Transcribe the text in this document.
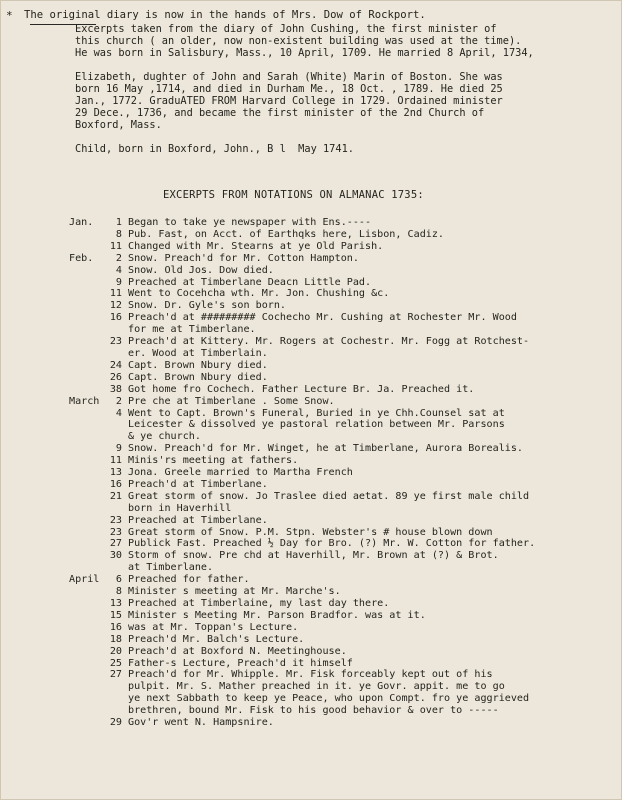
* The original diary is now in the hands of Mrs. Dow of Rockport.
Excerpts taken from the diary of John Cushing, the first minister of
this church ( an older, now non-existent building was used at the time).
He was born in Salisbury, Mass., 10 April, 1709. He married 8 April, 1734,
Elizabeth, dughter of John and Sarah (White) Marin of Boston. She was
born 16 May ,1714, and died in Durham Me., 18 Oct. , 1789. He died 25
Jan., 1772. GraduATED FROM Harvard College in 1729. Ordained minister
29 Dece., 1736, and became the first minister of the 2nd Church of
Boxford, Mass.
Child, born in Boxford, John., B l  May 1741.
EXCERPTS FROM NOTATIONS ON ALMANAC 1735:
Jan.	1 Began to take ye newspaper with Ens.----
8 Pub. Fast, on Acct. of Earthqks here, Lisbon, Cadiz.
11 Changed with Mr. Stearns at ye Old Parish.
Feb.	2 Snow. Preach'd for Mr. Cotton Hampton.
4 Snow. Old Jos. Dow died.
9 Preached at Timberlane Deacn Little Pad.
11 Went to Cocehcha wth. Mr. Jon. Chushing &c.
12 Snow. Dr. Gyle's son born.
16 Preach'd at ######### Cochecho Mr. Cushing at Rochester Mr. Wood
for me at Timberlane.
23 Preach'd at Kittery. Mr. Rogers at Cochestr. Mr. Fogg at Rotchest-
er. Wood at Timberlain.
24 Capt. Brown Nbury died.
26 Capt. Brown Nbury died.
38 Got home fro Cochech. Father Lecture Br. Ja. Preached it.
March	2 Pre che at Timberlane . Some Snow.
4 Went to Capt. Brown's Funeral, Buried in ye Chh.Counsel sat at
Leicester & dissolved ye pastoral relation between Mr. Parsons
& ye church.
9 Snow. Preach'd for Mr. Winget, he at Timberlane, Aurora Borealis.
11 Minis'rs meeting at fathers.
13 Jona. Greele married to Martha French
16 Preach'd at Timberlane.
21 Great storm of snow. Jo Traslee died aetat. 89 ye first male child
born in Haverhill
23 Preached at Timberlane.
23 Great storm of Snow. P.M. Stpn. Webster's # house blown down
27 Publick Fast. Preached ½ Day for Bro. (?) Mr. W. Cotton for father.
30 Storm of snow. Pre chd at Haverhill, Mr. Brown at (?) & Brot.
at Timberlane.
April	6 Preached for father.
8 Minister s meeting at Mr. Marche's.
13 Preached at Timberlaine, my last day there.
15 Minister s Meeting Mr. Parson Bradfor. was at it.
16 was at Mr. Toppan's Lecture.
18 Preach'd Mr. Balch's Lecture.
20 Preach'd at Boxford N. Meetinghouse.
25 Father-s Lecture, Preach'd it himself
27 Preach'd for Mr. Whipple. Mr. Fisk forceably kept out of his
pulpit. Mr. S. Mather preached in it. ye Govr. appit. me to go
ye next Sabbath to keep ye Peace, who upon Compt. fro ye aggrieved
brethren, bound Mr. Fisk to his good behavior & over to -----
29 Gov'r went N. Hampsnire.
